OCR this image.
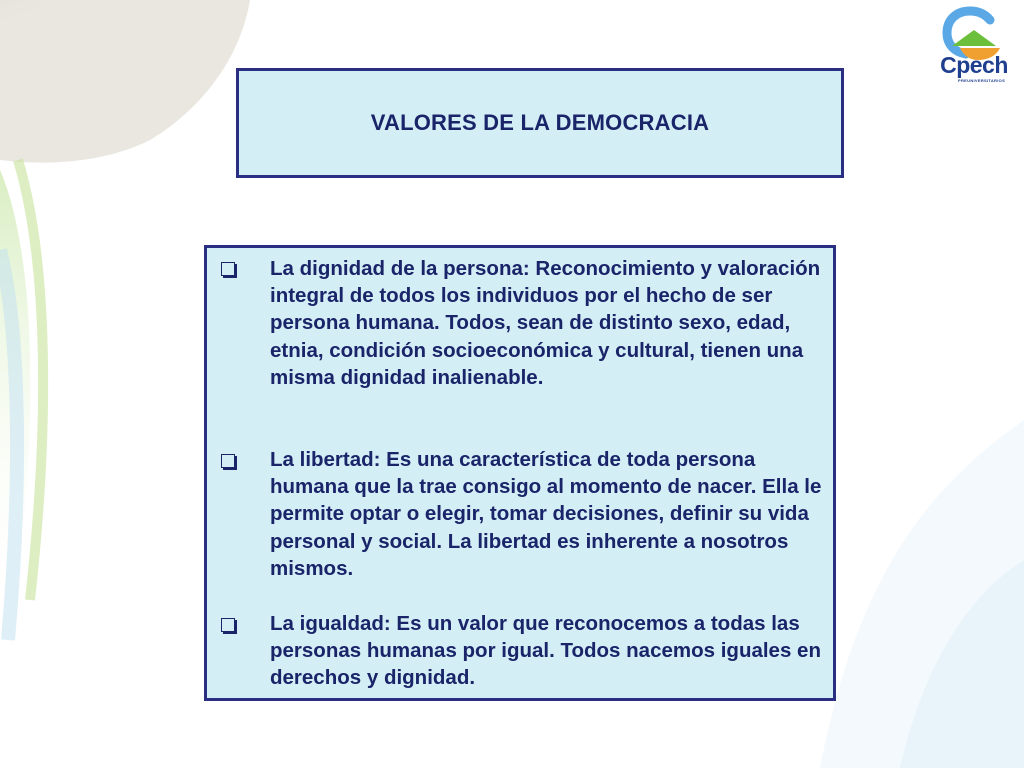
Cpech
PREUNIVERSITARIOS
VALORES DE LA DEMOCRACIA

La dignidad de la persona: Reconocimiento y valoración integral de todos los individuos por el hecho de ser persona humana. Todos, sean de distinto sexo, edad, etnia, condición socioeconómica y cultural, tienen una misma dignidad inalienable.

La libertad: Es una característica de toda persona humana que la trae consigo al momento de nacer. Ella le permite optar o elegir, tomar decisiones, definir su vida personal y social. La libertad es inherente a nosotros mismos.

La igualdad: Es un valor que reconocemos a todas las personas humanas por igual. Todos nacemos iguales en derechos y dignidad.
